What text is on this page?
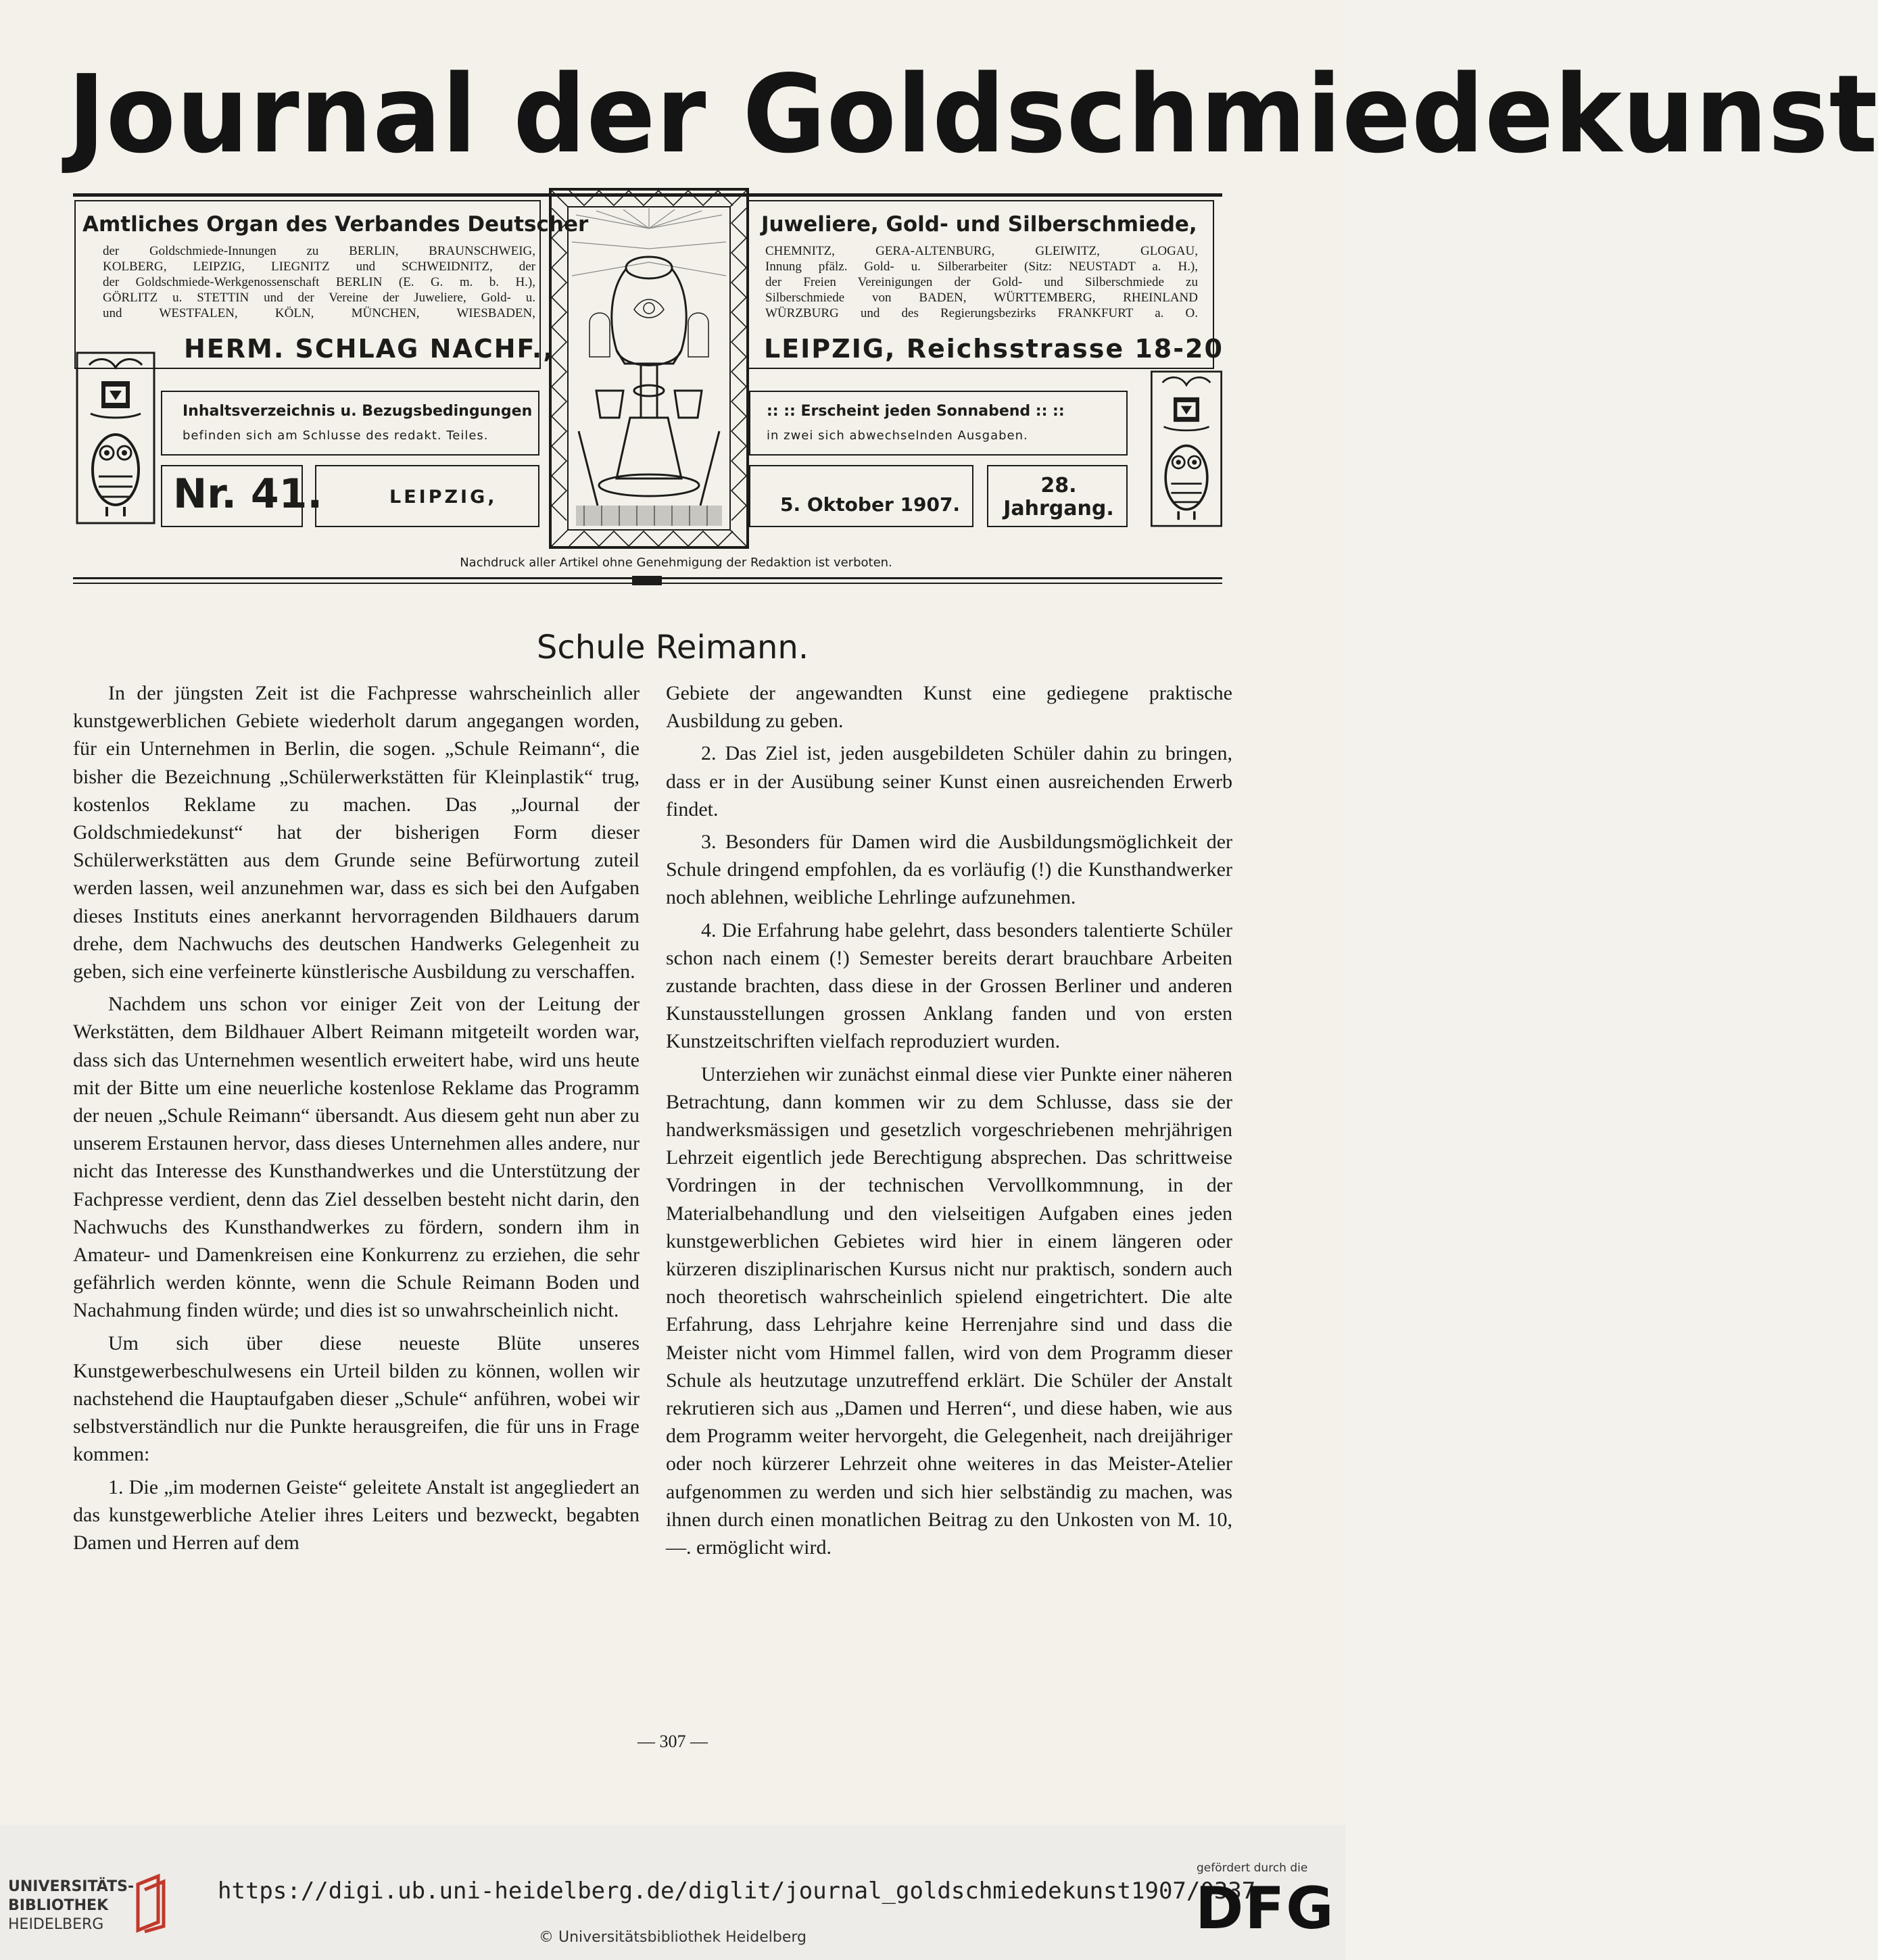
Journal der Goldschmiedekunst
Amtliches Organ des Verbandes Deutscher
der Goldschmiede-Innungen zu BERLIN, BRAUNSCHWEIG,
KOLBERG, LEIPZIG, LIEGNITZ und SCHWEIDNITZ, der
der Goldschmiede-Werkgenossenschaft BERLIN (E. G. m. b. H.),
GÖRLITZ u. STETTIN und der Vereine der Juweliere, Gold- u.
und WESTFALEN, KÖLN, MÜNCHEN, WIESBADEN,
HERM. SCHLAG NACHF.,
Juweliere, Gold- und Silberschmiede,
CHEMNITZ, GERA-ALTENBURG, GLEIWITZ, GLOGAU,
Innung pfälz. Gold- u. Silberarbeiter (Sitz: NEUSTADT a. H.),
der Freien Vereinigungen der Gold- und Silberschmiede zu
Silberschmiede von BADEN, WÜRTTEMBERG, RHEINLAND
WÜRZBURG und des Regierungsbezirks FRANKFURT a. O.
LEIPZIG, Reichsstrasse 18-20
Inhaltsverzeichnis u. Bezugsbedingungen
befinden sich am Schlusse des redakt. Teiles.
:: :: Erscheint jeden Sonnabend :: ::
in zwei sich abwechselnden Ausgaben.
Nr. 41.	LEIPZIG,	5. Oktober 1907.
28.
Jahrgang.
Nachdruck aller Artikel ohne Genehmigung der Redaktion ist verboten.
Schule Reimann.

In der jüngsten Zeit ist die Fachpresse wahrscheinlich aller kunstgewerblichen Gebiete wiederholt darum angegangen worden, für ein Unternehmen in Berlin, die sogen. „Schule Reimann“, die bisher die Bezeichnung „Schülerwerkstätten für Kleinplastik“ trug, kostenlos Reklame zu machen. Das „Journal der Goldschmiedekunst“ hat der bisherigen Form dieser Schülerwerkstätten aus dem Grunde seine Befürwortung zuteil werden lassen, weil anzunehmen war, dass es sich bei den Aufgaben dieses Instituts eines anerkannt hervorragenden Bildhauers darum drehe, dem Nachwuchs des deutschen Handwerks Gelegenheit zu geben, sich eine verfeinerte künstlerische Ausbildung zu verschaffen.

Nachdem uns schon vor einiger Zeit von der Leitung der Werkstätten, dem Bildhauer Albert Reimann mitgeteilt worden war, dass sich das Unternehmen wesentlich erweitert habe, wird uns heute mit der Bitte um eine neuerliche kostenlose Reklame das Programm der neuen „Schule Reimann“ übersandt. Aus diesem geht nun aber zu unserem Erstaunen hervor, dass dieses Unternehmen alles andere, nur nicht das Interesse des Kunsthandwerkes und die Unterstützung der Fachpresse verdient, denn das Ziel desselben besteht nicht darin, den Nachwuchs des Kunsthandwerkes zu fördern, sondern ihm in Amateur- und Damenkreisen eine Konkurrenz zu erziehen, die sehr gefährlich werden könnte, wenn die Schule Reimann Boden und Nachahmung finden würde; und dies ist so unwahrscheinlich nicht.

Um sich über diese neueste Blüte unseres Kunstgewerbeschulwesens ein Urteil bilden zu können, wollen wir nachstehend die Hauptaufgaben dieser „Schule“ anführen, wobei wir selbstverständlich nur die Punkte herausgreifen, die für uns in Frage kommen:

1. Die „im modernen Geiste“ geleitete Anstalt ist angegliedert an das kunstgewerbliche Atelier ihres Leiters und bezweckt, begabten Damen und Herren auf dem

Gebiete der angewandten Kunst eine gediegene praktische Ausbildung zu geben.

2. Das Ziel ist, jeden ausgebildeten Schüler dahin zu bringen, dass er in der Ausübung seiner Kunst einen ausreichenden Erwerb findet.

3. Besonders für Damen wird die Ausbildungsmöglichkeit der Schule dringend empfohlen, da es vorläufig (!) die Kunsthandwerker noch ablehnen, weibliche Lehrlinge aufzunehmen.

4. Die Erfahrung habe gelehrt, dass besonders talentierte Schüler schon nach einem (!) Semester bereits derart brauchbare Arbeiten zustande brachten, dass diese in der Grossen Berliner und anderen Kunstausstellungen grossen Anklang fanden und von ersten Kunstzeitschriften vielfach reproduziert wurden.

Unterziehen wir zunächst einmal diese vier Punkte einer näheren Betrachtung, dann kommen wir zu dem Schlusse, dass sie der handwerksmässigen und gesetzlich vorgeschriebenen mehrjährigen Lehrzeit eigentlich jede Berechtigung absprechen. Das schrittweise Vordringen in der technischen Vervollkommnung, in der Materialbehandlung und den vielseitigen Aufgaben eines jeden kunstgewerblichen Gebietes wird hier in einem längeren oder kürzeren disziplinarischen Kursus nicht nur praktisch, sondern auch noch theoretisch wahrscheinlich spielend eingetrichtert. Die alte Erfahrung, dass Lehrjahre keine Herrenjahre sind und dass die Meister nicht vom Himmel fallen, wird von dem Programm dieser Schule als heutzutage unzutreffend erklärt. Die Schüler der Anstalt rekrutieren sich aus „Damen und Herren“, und diese haben, wie aus dem Programm weiter hervorgeht, die Gelegenheit, nach dreijähriger oder noch kürzerer Lehrzeit ohne weiteres in das Meister-Atelier aufgenommen zu werden und sich hier selbständig zu machen, was ihnen durch einen monatlichen Beitrag zu den Unkosten von M. 10,—. ermöglicht wird.

— 307 —
UNIVERSITÄTS-
BIBLIOTHEK
HEIDELBERG
https://digi.ub.uni-heidelberg.de/diglit/journal_goldschmiedekunst1907/0337
© Universitätsbibliothek Heidelberg
gefördert durch die
DFG
